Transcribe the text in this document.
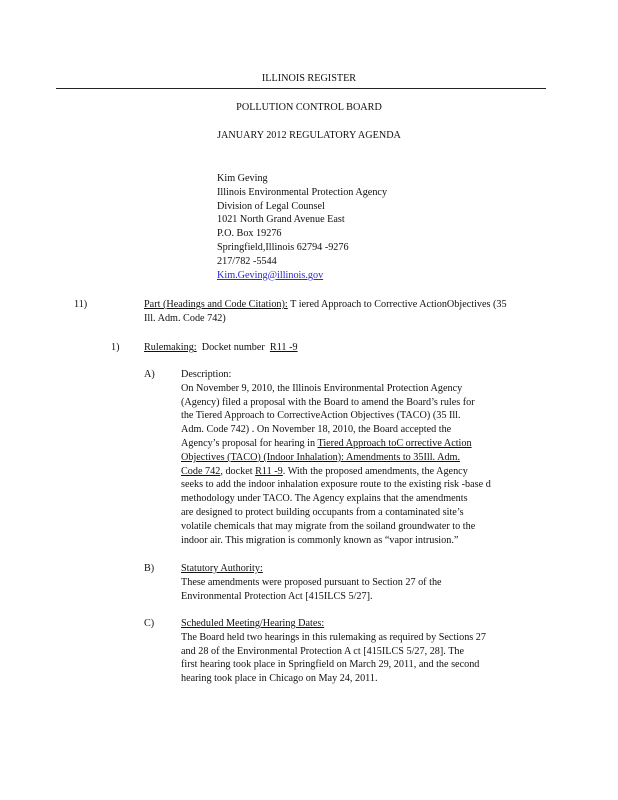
ILLINOIS REGISTER
POLLUTION CONTROL BOARD
JANUARY 2012 REGULATORY AGENDA
Kim Geving
Illinois Environmental Protection Agency
Division of Legal Counsel
1021 North Grand Avenue East
P.O. Box 19276
Springfield,Illinois 62794 -9276
217/782 -5544
Kim.Geving@illinois.gov
11)	Part (Headings and Code Citation): T iered Approach to Corrective ActionObjectives (35
Ill. Adm. Code 742)
1) Rulemaking: Docket number R11 -9
A)	Description:
On November 9, 2010, the Illinois Environmental Protection Agency
(Agency) filed a proposal with the Board to amend the Board’s rules for
the Tiered Approach to CorrectiveAction Objectives (TACO) (35 Ill.
Adm. Code 742) . On November 18, 2010, the Board accepted the
Agency’s proposal for hearing in Tiered Approach toC orrective Action
Objectives (TACO) (Indoor Inhalation): Amendments to 35Ill. Adm.
Code 742, docket R11 -9. With the proposed amendments, the Agency
seeks to add the indoor inhalation exposure route to the existing risk -base d
methodology under TACO. The Agency explains that the amendments
are designed to protect building occupants from a contaminated site’s
volatile chemicals that may migrate from the soiland groundwater to the
indoor air. This migration is commonly known as “vapor intrusion.”
B)	Statutory Authority:
These amendments were proposed pursuant to Section 27 of the
Environmental Protection Act [415ILCS 5/27].
C)	Scheduled Meeting/Hearing Dates:
The Board held two hearings in this rulemaking as required by Sections 27
and 28 of the Environmental Protection A ct [415ILCS 5/27, 28]. The
first hearing took place in Springfield on March 29, 2011, and the second
hearing took place in Chicago on May 24, 2011.
